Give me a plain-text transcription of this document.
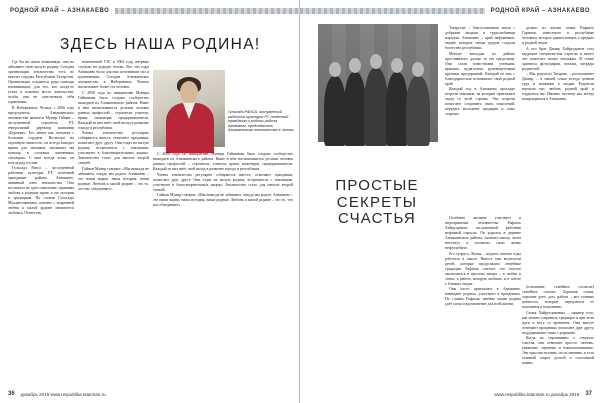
РОДНОЙ КРАЙ – АЗНАКАЕВО
ЗДЕСЬ НАША РОДИНА!

Где бы ни жили азнакаевцы, они не забывают свою малую родину. Сегодня организации землячества есть во многих городах Республики Татарстан. Организации создаются ради помощи начинающим, для тех, кто когда-то уехал и поменял место жительства, чтобы они не чувствовали себя одинокими.

В Набережных Челнах с 2006 года председатель Азнакаевского землячества является Мунир Гайнан – заслуженный строитель РТ, генеральный директор компании «Буровик». Его знают как человека с большим сердцем. Несмотря на огромную занятость, он всегда находит время для земляков, оказывает им помощь в сложных жизненных ситуациях. С ним всегда легко, он всегда рад гостям.

Гульсада Раиса – заслуженный работник культуры РТ, почетный гражданин района Азнакаево, активный член землячества. Она воспитала не одно поколение, прививая любовь к родному краю, к его истории и традициям. По словам Гульсады Мухаметзяновны, именно с искренней любви к малой родине начинается любовь к Отечеству.

неизменной ГЭС в 1964 году впервые ступили на родную землю. Все эти годы Азнакаево было для них источником сил и вдохновения. Сегодня Азнакаевское землячество в Набережных Челнах насчитывает более ста человек.

С 2000 года по инициативе Мунира Гайнанова было создано сообщество выходцев из Азнакаевского района. Ныне в нём насчитываются десятки человек разных профессий – строители, учителя, врачи, инженеры, предприниматели. Каждый из них внёс свой вклад в развитие города и республики.

Члены землячества регулярно собираются вместе, отмечают праздники, помогают друг другу. Они ездят на малую родину, встречаются с земляками, участвуют в благотворительных акциях. Землячество стало для многих второй семьёй.

Гайнан Мунир говорит: «Мы никогда не забываем, откуда мы родом. Азнакаево – это наши корни, наша история, наши родные. Любовь к малой родине – это то, что нас объединяет».

Гульсада РАИСА, заслуженный работник культуры РТ, почётный гражданин и родины района Азнакаево, председатель Азнакаевского землячества в Челнах

С 2000 года по инициативе Мунира Гайнанова было создано сообщество выходцев из Азнакаевского района. Ныне в нём насчитываются десятки человек разных профессий – строители, учителя, врачи, инженеры, предприниматели. Каждый из них внёс свой вклад в развитие города и республики.

Члены землячества регулярно собираются вместе, отмечают праздники, помогают друг другу. Они ездят на малую родину, встречаются с земляками, участвуют в благотворительных акциях. Землячество стало для многих второй семьёй.

Гайнан Мунир говорит: «Мы никогда не забываем, откуда мы родом. Азнакаево – это наши корни, наша история, наши родные. Любовь к малой родине – это то, что нас объединяет».

36 декабрь 2019 www.respublika.tatarstan.ru
РОДНОЙ КРАЙ – АЗНАКАЕВО

Татарстан – благословенная земля с добрыми людьми и трудолюбивым народом. Азнакаево – край нефтяников, людей, которые своим трудом создали богатство республики.

Многие выходцы из района прославились далеко за его пределами. Они стали известными учёными, врачами, педагогами, руководителями крупных предприятий. Каждый из них с благодарностью вспоминает свой родной край.

Каждый год в Азнакаево проходят встречи земляков, на которые приезжают люди со всей страны. Эти встречи помогают сохранить связь поколений, передать молодёжи традиции и опыт старших.

дельно из жизни семьи Рафаиль Гарипов, известного в республике человека, которое хранит память о предках и родной земле.

А его брат Дамир Хайрутдинов стал ведущим специалистом отрасли и много лет помогает своим землякам. В семье хранятся фотографии, письма, награды родителей.

– Мы родом из Татарии, – рассказывает Дамир, – в нашей семье всегда ценили труд и уважение к людям. Родители научили нас любить родной край и гордиться им. Именно поэтому мы всегда возвращаемся в Азнакаево.

ПРОСТЫЕ СЕКРЕТЫ СЧАСТЬЯ	Особенно активно участвует в мероприятиях землячества Рафаэль Хайрутдинов, заслуженный работник нефтяной отрасли. Он родился в деревне Азнакаевского района, окончил школу, затем институт и посвятил свою жизнь нефтедобыче.

Его супруга, Лилия, – педагог, многие годы работала в школе. Вместе они воспитали детей, которые продолжили семейные традиции. Рафаэль считает, что счастье заключается в простых вещах – в любви к семье, в работе, которую любишь, и в заботе о близких людях.

Они часто приезжают в Азнакаево, навещают родных, участвуют в праздниках. По словам Рафаэля, именно малая родина даёт силы и вдохновение для всей жизни.

(основание, семейное согласие) семейное счастье. Хорошая семья, хорошие дети, дом, работа – вот главные ценности, которые передаются от поколения к поколению.

Семья Хайрутдиновых – пример того, как можно сохранить традиции и при этом идти в ногу со временем. Они вместе отмечают праздники, помогают друг другу, поддерживают связь с родными.

Когда их спрашивают о секретах счастья, они отвечают просто: любовь, уважение, терпение и взаимопонимание. Эти простые истины, по их мнению, и есть главный секрет долгой и счастливой жизни.

www.respublika.tatarstan.ru декабрь 2019 37
